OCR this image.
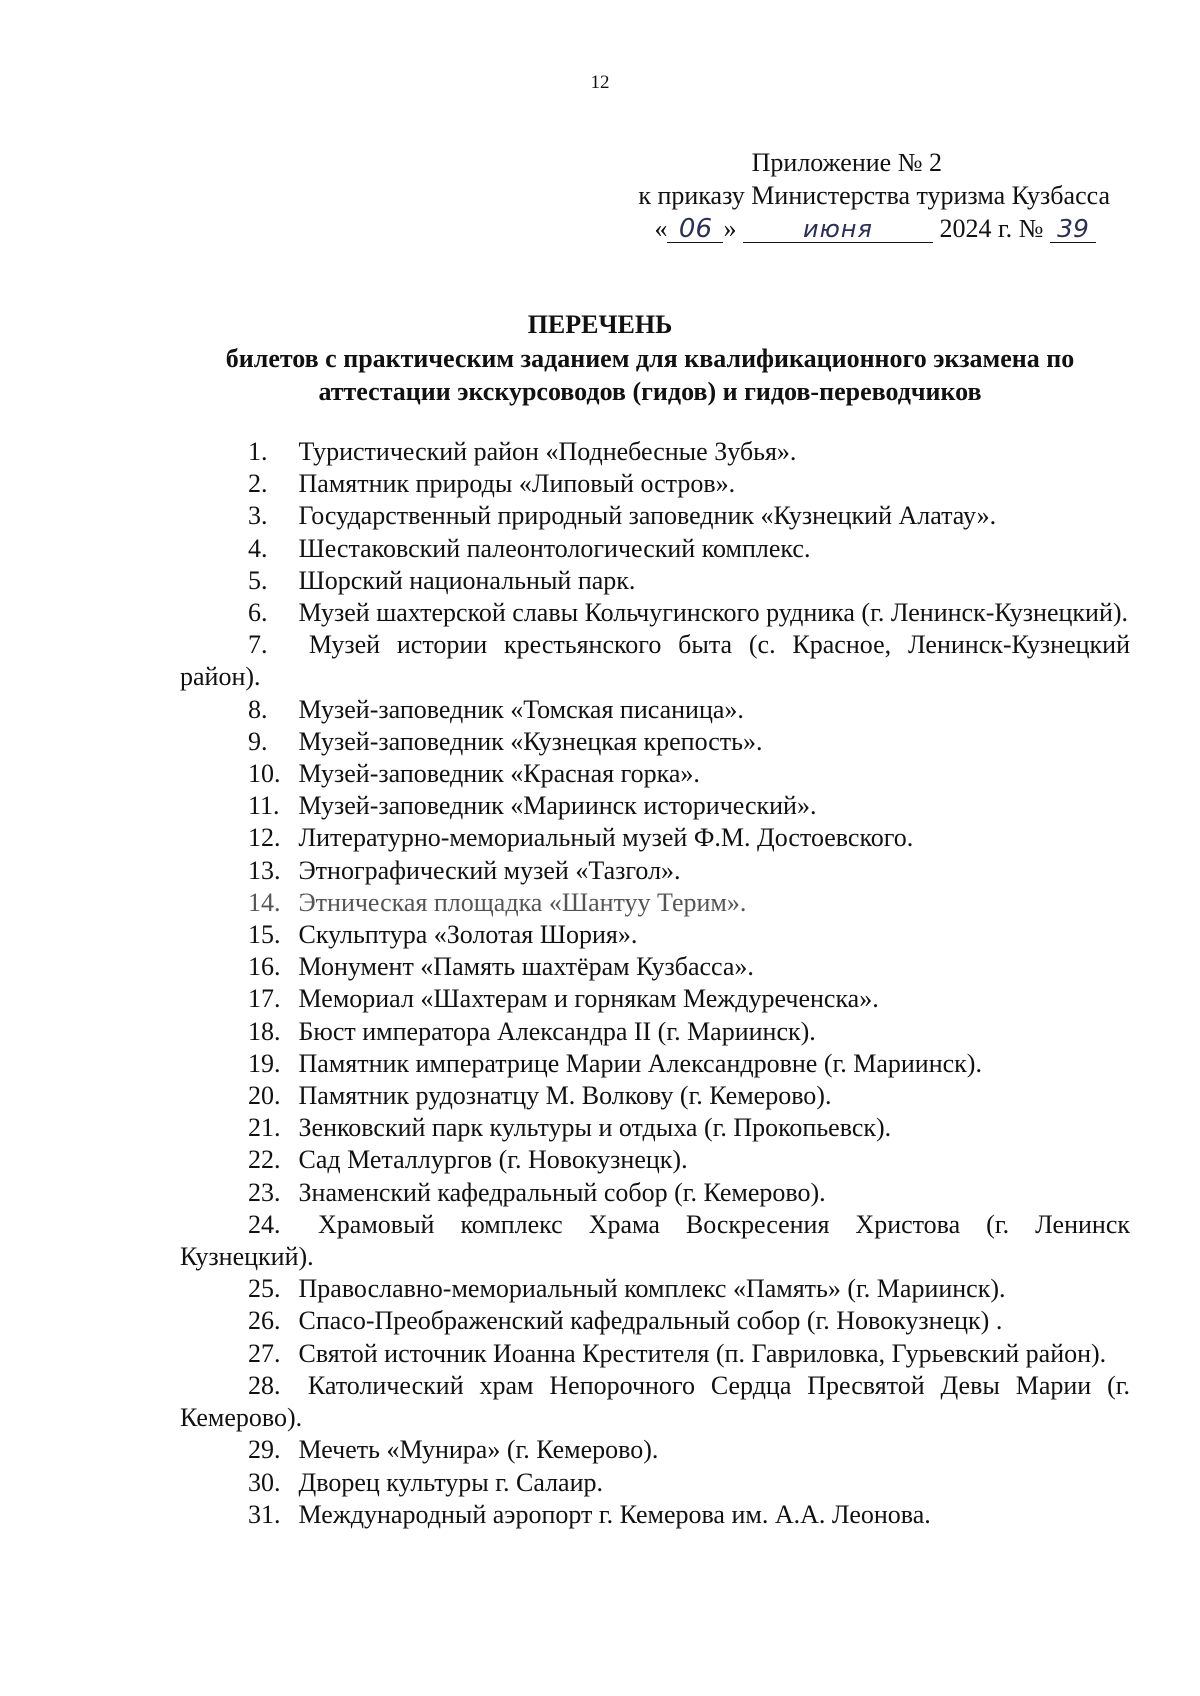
12
Приложение № 2
к приказу Министерства туризма Кузбасса
« 06 »	июня	2024 г. № 39
ПЕРЕЧЕНЬ
билетов с практическим заданием для квалификационного экзамена по аттестации экскурсоводов (гидов) и гидов-переводчиков
1. Туристический район «Поднебесные Зубья».
2. Памятник природы «Липовый остров».
3. Государственный природный заповедник «Кузнецкий Алатау».
4. Шестаковский палеонтологический комплекс.
5. Шорский национальный парк.
6. Музей шахтерской славы Кольчугинского рудника (г. Ленинск-Кузнецкий).
7. Музей истории крестьянского быта (с. Красное, Ленинск-Кузнецкий район).
8. Музей-заповедник «Томская писаница».
9. Музей-заповедник «Кузнецкая крепость».
10. Музей-заповедник «Красная горка».
11. Музей-заповедник «Мариинск исторический».
12. Литературно-мемориальный музей Ф.М. Достоевского.
13. Этнографический музей «Тазгол».
14. Этническая площадка «Шантуу Терим».
15. Скульптура «Золотая Шория».
16. Монумент «Память шахтёрам Кузбасса».
17. Мемориал «Шахтерам и горнякам Междуреченска».
18. Бюст императора Александра II (г. Мариинск).
19. Памятник императрице Марии Александровне (г. Мариинск).
20. Памятник рудознатцу М. Волкову (г. Кемерово).
21. Зенковский парк культуры и отдыха (г. Прокопьевск).
22. Сад Металлургов (г. Новокузнецк).
23. Знаменский кафедральный собор (г. Кемерово).
24. Храмовый комплекс Храма Воскресения Христова (г. Ленинск Кузнецкий).
25. Православно-мемориальный комплекс «Память» (г. Мариинск).
26. Спасо-Преображенский кафедральный собор (г. Новокузнецк) .
27. Святой источник Иоанна Крестителя (п. Гавриловка, Гурьевский район).
28. Католический храм Непорочного Сердца Пресвятой Девы Марии (г. Кемерово).
29. Мечеть «Мунира» (г. Кемерово).
30. Дворец культуры г. Салаир.
31. Международный аэропорт г. Кемерова им. А.А. Леонова.
